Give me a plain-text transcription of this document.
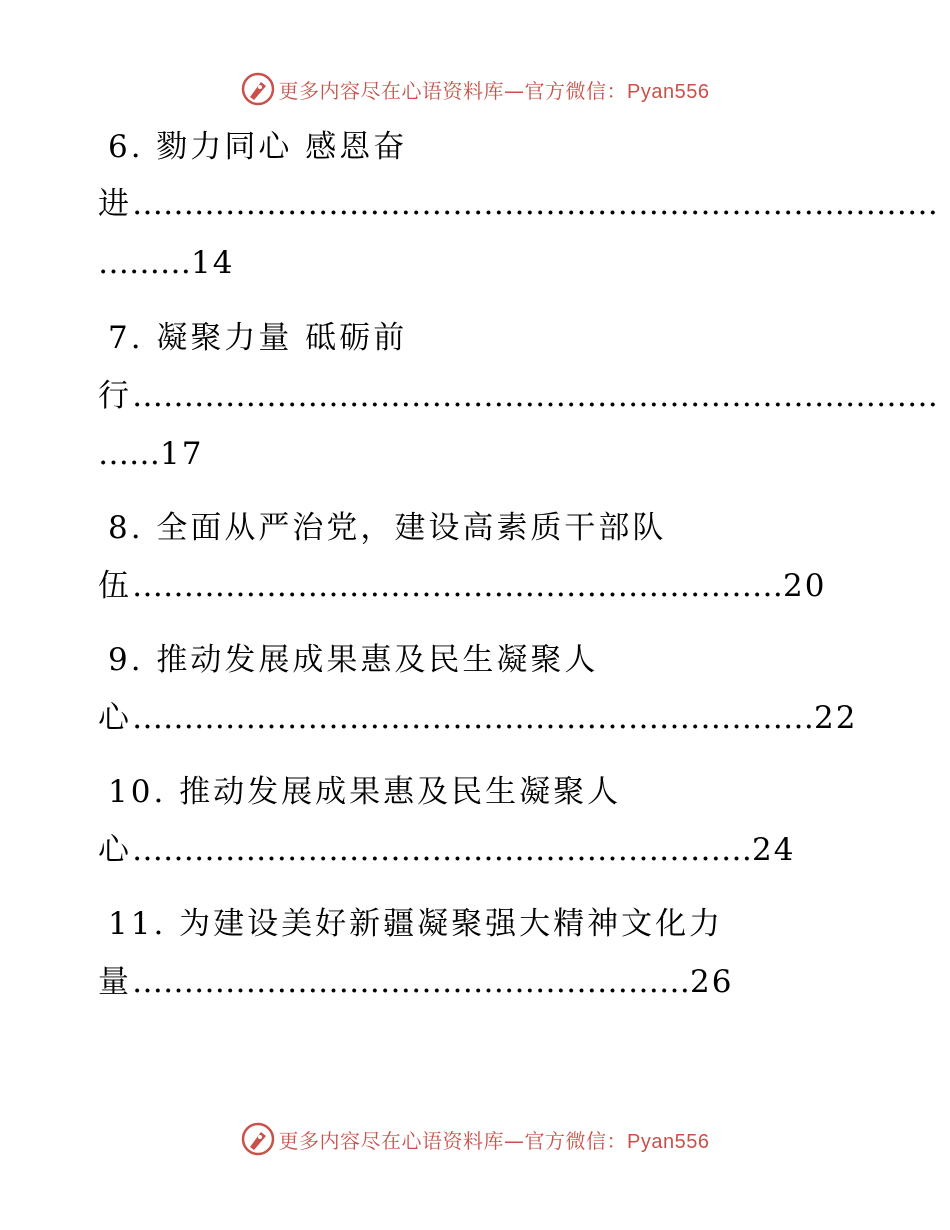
更多内容尽在心语资料库—官方微信：Pyan556
6. 勠力同心 感恩奋
进……………………………………………………………………
………14
7. 凝聚力量 砥砺前
行……………………………………………………………………
……17
8. 全面从严治党，建设高素质干部队
伍………………………………………………………20
9. 推动发展成果惠及民生凝聚人
心…………………………………………………………22
10. 推动发展成果惠及民生凝聚人
心……………………………………………………24
11. 为建设美好新疆凝聚强大精神文化力
量………………………………………………26
更多内容尽在心语资料库—官方微信：Pyan556
